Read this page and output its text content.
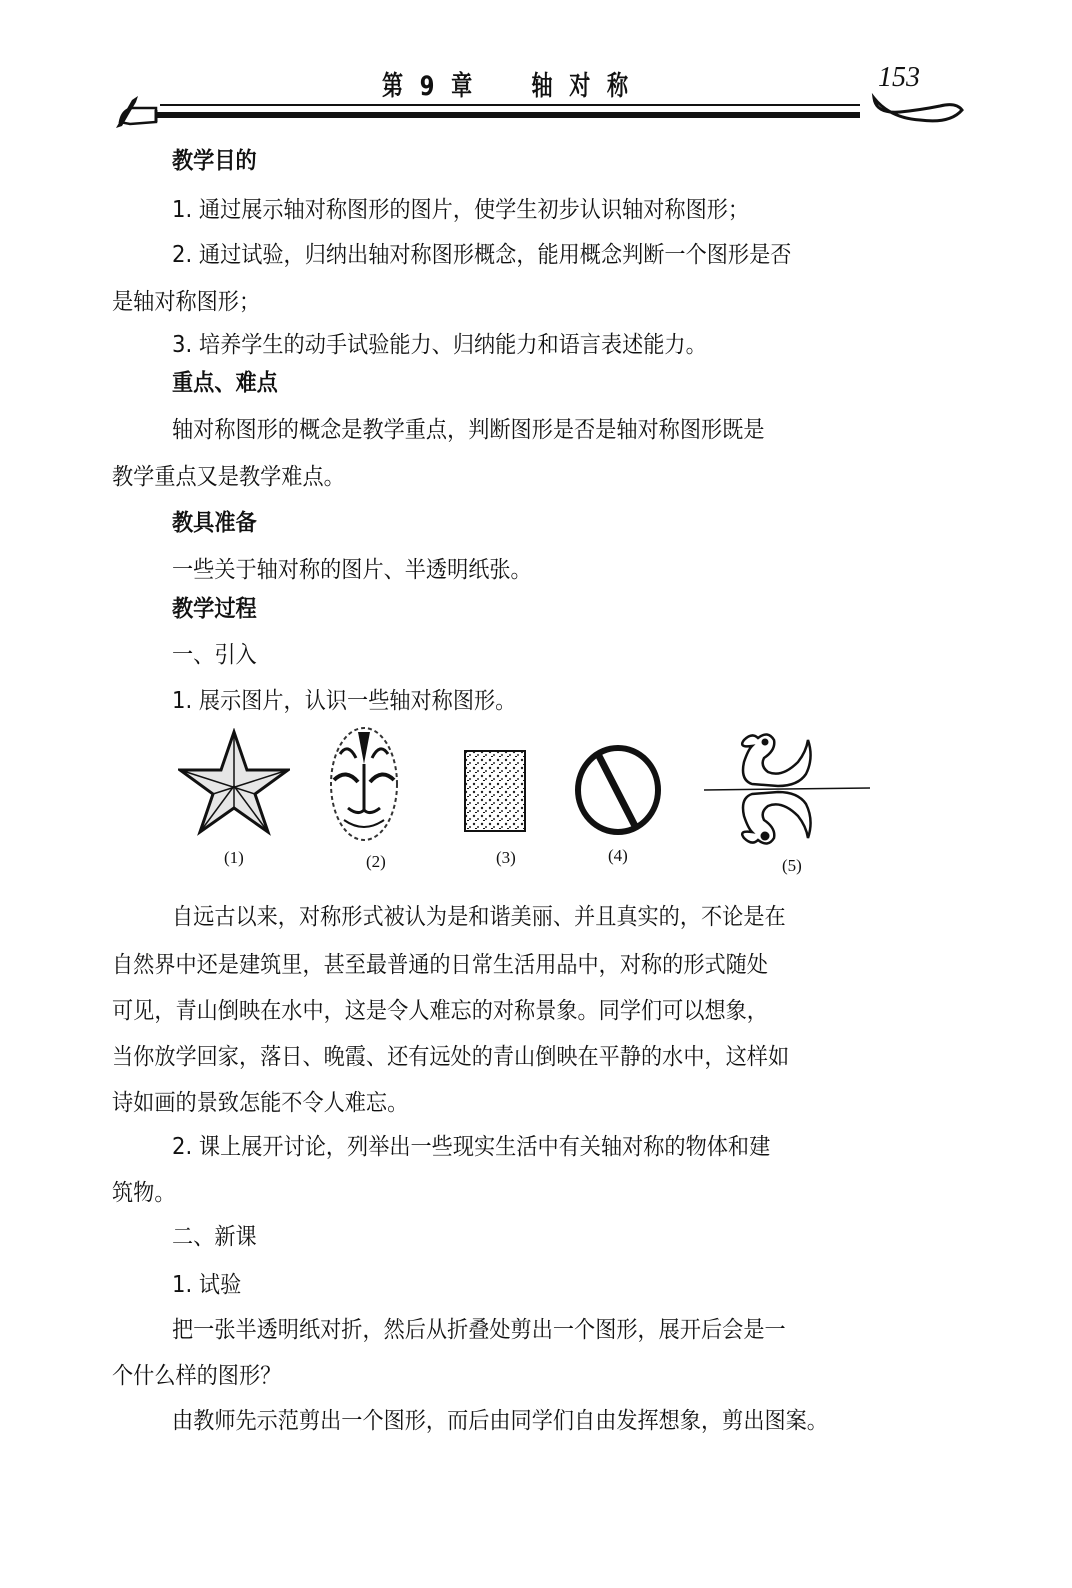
第 9 章 轴 对 称	153
教学目的
1. 通过展示轴对称图形的图片，使学生初步认识轴对称图形；
2. 通过试验，归纳出轴对称图形概念，能用概念判断一个图形是否
是轴对称图形；
3. 培养学生的动手试验能力、归纳能力和语言表述能力。
重点、难点
轴对称图形的概念是教学重点，判断图形是否是轴对称图形既是
教学重点又是教学难点。
教具准备
一些关于轴对称的图片、半透明纸张。
教学过程
一、引入
1. 展示图片，认识一些轴对称图形。
(1)	(2)	(3)	(4)
(5)
自远古以来，对称形式被认为是和谐美丽、并且真实的，不论是在
自然界中还是建筑里，甚至最普通的日常生活用品中，对称的形式随处
可见，青山倒映在水中，这是令人难忘的对称景象。同学们可以想象，
当你放学回家，落日、晚霞、还有远处的青山倒映在平静的水中，这样如
诗如画的景致怎能不令人难忘。
2. 课上展开讨论，列举出一些现实生活中有关轴对称的物体和建
筑物。
二、新课
1. 试验
把一张半透明纸对折，然后从折叠处剪出一个图形，展开后会是一
个什么样的图形？
由教师先示范剪出一个图形，而后由同学们自由发挥想象，剪出图案。
